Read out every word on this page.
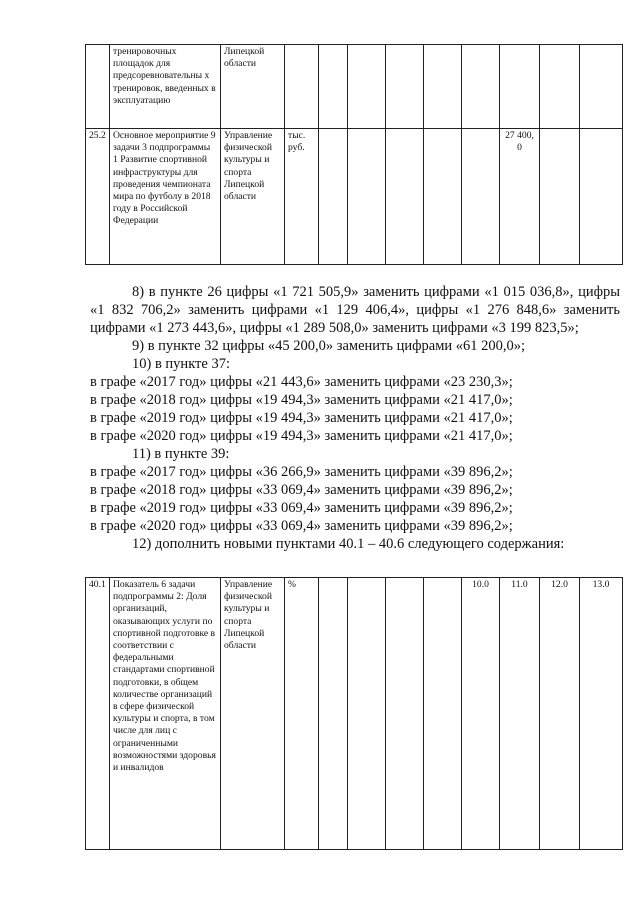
	тренировочных площадок для предсоревновательны х тренировок, введенных в эксплуатацию	Липецкой области									
25.2	Основное мероприятие 9 задачи 3 подпрограммы 1 Развитие спортивной инфраструктуры для проведения чемпионата мира по футболу в 2018 году в Российской Федерации	Управление физической культуры и спорта Липецкой области	тыс. руб.						27 400, 0		

8) в пункте 26 цифры «1 721 505,9» заменить цифрами «1 015 036,8», цифры «1 832 706,2» заменить цифрами «1 129 406,4», цифры «1 276 848,6» заменить цифрами «1 273 443,6», цифры «1 289 508,0» заменить цифрами «3 199 823,5»;

9) в пункте 32 цифры «45 200,0» заменить цифрами «61 200,0»;

10) в пункте 37:

в графе «2017 год» цифры «21 443,6» заменить цифрами «23 230,3»;

в графе «2018 год» цифры «19 494,3» заменить цифрами «21 417,0»;

в графе «2019 год» цифры «19 494,3» заменить цифрами «21 417,0»;

в графе «2020 год» цифры «19 494,3» заменить цифрами «21 417,0»;

11) в пункте 39:

в графе «2017 год» цифры «36 266,9» заменить цифрами «39 896,2»;

в графе «2018 год» цифры «33 069,4» заменить цифрами «39 896,2»;

в графе «2019 год» цифры «33 069,4» заменить цифрами «39 896,2»;

в графе «2020 год» цифры «33 069,4» заменить цифрами «39 896,2»;

12) дополнить новыми пунктами 40.1 – 40.6 следующего содержания:

40.1	Показатель 6 задачи подпрограммы 2: Доля организаций, оказывающих услуги по спортивной подготовке в соответствии с федеральными стандартами спортивной подготовки, в общем количестве организаций в сфере физической культуры и спорта, в том числе для лиц с ограниченными возможностями здоровья и инвалидов	Управление физической культуры и спорта Липецкой области	%					10.0	11.0	12.0	13.0
